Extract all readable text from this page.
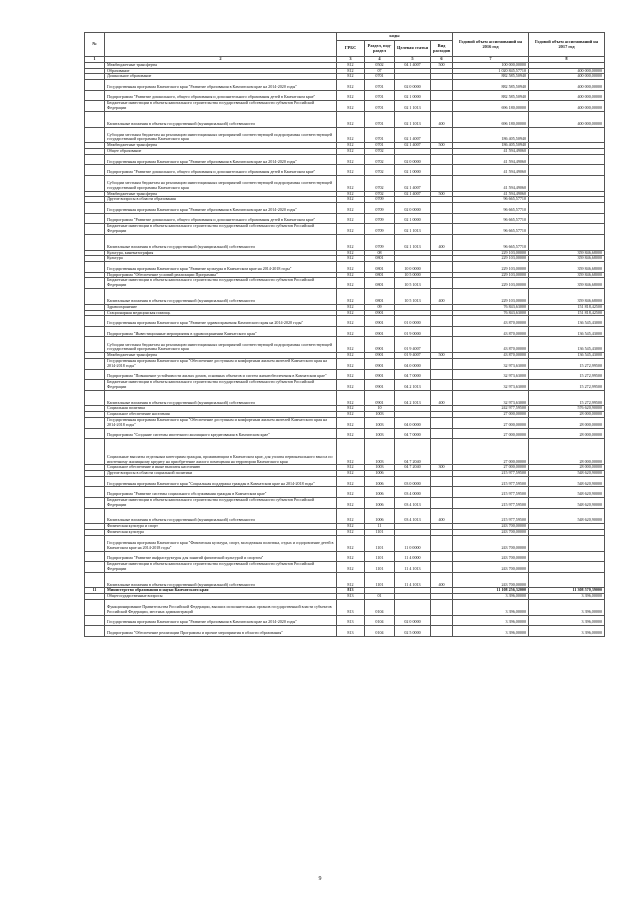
№		коды				Годовой объем ассигнований на 2016 год	Годовой объем ассигнований на 2017 год
		ГРБС	Раздел, под-раздел	Целевая статья	Вид расходов		
1	2	3	4	5	6	7	8
	Межбюджетные трансферты	812	0502	04 1 4007	500	100 000,00000	
	Образование	812	07			1 020 845,57710	400 000,00000
	Дошкольное образование	812	0701			882 585,50940	400 000,00000
	Государственная программа Камчатского края "Развитие образования в Камчатском крае на 2014-2020 годы"	812	0701	02 0 0000		882 585,50940	400 000,00000
	Подпрограмма "Развитие дошкольного, общего образования и дополнительного образования детей в Камчатском крае"	812	0701	02 1 0000		882 585,50940	400 000,00000
	Бюджетные инвестиции в объекты капитального строительства государственной собственности субъектов Российской Федерации	812	0701	02 1 1013		696 180,00000	400 000,00000
	Капитальные вложения в объекты государственной (муниципальной) собственности	812	0701	02 1 1013	400	696 180,00000	400 000,00000
	Субсидии местным бюджетам на реализацию инвестиционных мероприятий соответствующей подпрограммы соответствующей государственной программы Камчатского края	812	0701	02 1 4007		186 405,50940	
	Межбюджетные трансферты	812	0701	02 1 4007	500	186 405,50940	
	Общее образование	812	0702			41 594,49060	
	Государственная программа Камчатского края "Развитие образования в Камчатском крае на 2014-2020 годы"	812	0702	02 0 0000		41 594,49060	
	Подпрограмма "Развитие дошкольного, общего образования и дополнительного образования детей в Камчатском крае"	812	0702	02 1 0000		41 594,49060	
	Субсидии местным бюджетам на реализацию инвестиционных мероприятий соответствующей подпрограммы соответствующей государственной программы Камчатского края	812	0702	02 1 4007		41 594,49060	
	Межбюджетные трансферты	812	0702	02 1 4007	500	41 594,49060	
	Другие вопросы в области образования	812	0709			96 665,57710	
	Государственная программа Камчатского края "Развитие образования в Камчатском крае на 2014-2020 годы"	812	0709	02 0 0000		96 665,57710	
	Подпрограмма "Развитие дошкольного, общего образования и дополнительного образования детей в Камчатском крае"	812	0709	02 1 0000		96 665,57710	
	Бюджетные инвестиции в объекты капитального строительства государственной собственности субъектов Российской Федерации	812	0709	02 1 1013		96 665,57710	
	Капитальные вложения в объекты государственной (муниципальной) собственности	812	0709	02 1 1013	400	96 665,57710	
	Культура, кинематография	812	08			229 103,00000	359 846,68000
	Культура	812	0801			229 103,00000	359 846,68000
	Государственная программа Камчатского края "Развитие культуры в Камчатском крае на 2014-2018 годы"	812	0801	10 0 0000		229 103,00000	359 846,68000
	Подпрограмма "Обеспечение условий реализации Программы"	812	0801	10 5 0000		229 103,00000	359 846,68000
	Бюджетные инвестиции в объекты капитального строительства государственной собственности субъектов Российской Федерации	812	0801	10 5 1013		229 103,00000	359 846,68000
	Капитальные вложения в объекты государственной (муниципальной) собственности	812	0801	10 5 1013	400	229 103,00000	359 846,68000
	Здравоохранение	812	09			76 843,63000	151 818,42500
	Стационарная медицинская помощь	812	0901			76 843,63000	151 818,42500
	Государственная программа Камчатского края "Развитие здравоохранения Камчатского края на 2014-2020 годы"	812	0901	01 0 0000		43 870,00000	136 545,43000
	Подпрограмма "Инвестиционные мероприятия в здравоохранении Камчатского края"	812	0901	01 9 0000		43 870,00000	136 545,43000
	Субсидии местным бюджетам на реализацию инвестиционных мероприятий соответствующей подпрограммы соответствующей государственной программы Камчатского края	812	0901	01 9 4007		43 870,00000	136 545,43000
	Межбюджетные трансферты	812	0901	01 9 4007	500	43 870,00000	136 545,43000
	Государственная программа Камчатского края "Обеспечение доступным и комфортным жильем жителей Камчатского края на 2014-2018 годы"	812	0901	04 0 0000		32 973,63000	15 272,99500
	Подпрограмма "Повышение устойчивости жилых домов, основных объектов и систем жизнеобеспечения в Камчатском крае"	812	0901	04 7 0000		32 973,63000	15 272,99500
	Бюджетные инвестиции в объекты капитального строительства государственной собственности субъектов Российской Федерации	812	0901	04 2 1013		32 973,63000	15 272,99500
	Капитальные вложения в объекты государственной (муниципальной) собственности	812	0901	04 2 1013	400	32 973,63000	15 272,99500
	Социальная политика	812	10			242 977,59500	576 620,90000
	Социальное обеспечение населения	812	1003			27 000,00000	28 000,00000
	Государственная программа Камчатского края "Обеспечение доступным и комфортным жильем жителей Камчатского края на 2014-2018 годы"	812	1003	04 0 0000		27 000,00000	28 000,00000
	Подпрограмма "Создание системы ипотечного жилищного кредитования в Камчатском крае"	812	1003	04 7 0000		27 000,00000	28 000,00000
	Социальные выплаты отдельным категориям граждан, проживающим в Камчатском крае, для уплаты первоначального взноса по ипотечному жилищному кредиту на приобретение жилого помещения на территории Камчатского края	812	1003	04 7 2040		27 000,00000	28 000,00000
	Социальное обеспечение и иные выплаты населению	812	1003	04 7 2040	300	27 000,00000	28 000,00000
	Другие вопросы в области социальной политики	812	1006			215 977,59500	548 620,90000
	Государственная программа Камчатского края "Социальная поддержка граждан в Камчатском крае на 2014-2018 годы"	812	1006	03 0 0000		215 977,59500	548 620,90000
	Подпрограмма "Развитие системы социального обслуживания граждан в Камчатском крае"	812	1006	03 4 0000		215 977,59500	548 620,90000
	Бюджетные инвестиции в объекты капитального строительства государственной собственности субъектов Российской Федерации	812	1006	03 4 1013		215 977,59500	548 620,90000
	Капитальные вложения в объекты государственной (муниципальной) собственности	812	1006	03 4 1013	400	215 977,59500	548 620,90000
	Физическая культура и спорт	812	11			243 700,00000	
	Физическая культура	812	1101			243 700,00000	
	Государственная программа Камчатского края "Физическая культура, спорт, молодежная политика, отдых и оздоровление детей в Камчатском крае на 2014-2018 годы"	812	1101	11 0 0000		243 700,00000	
	Подпрограмма "Развитие инфраструктуры для занятий физической культурой и спортом"	812	1101	11 4 0000		243 700,00000	
	Бюджетные инвестиции в объекты капитального строительства государственной собственности субъектов Российской Федерации	812	1101	11 4 1013		243 700,00000	
	Капитальные вложения в объекты государственной (муниципальной) собственности	812	1101	11 4 1013	400	243 700,00000	
11	Министерство образования и науки Камчатского края	813				11 108 256,32000	11 308 570,39000
	Общегосударственные вопросы	813	01			3 396,00000	3 396,00000
	Функционирование Правительства Российской Федерации, высших исполнительных органов государственной власти субъектов Российской Федерации, местных администраций	813	0104			3 396,00000	3 396,00000
	Государственная программа Камчатского края "Развитие образования в Камчатском крае на 2014-2020 годы"	813	0104	02 0 0000		3 396,00000	3 396,00000
	Подпрограмма "Обеспечение реализации Программы и прочие мероприятия в области образования"	813	0104	02 5 0000		3 396,00000	3 396,00000
9
